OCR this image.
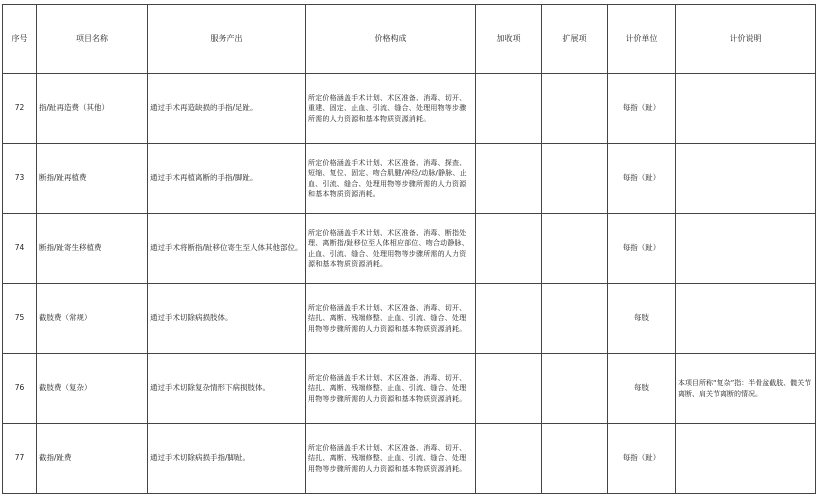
序号	项目名称	服务产出	价格构成	加收项	扩展项	计价单位	计价说明
72	指/趾再造费（其他）	通过手术再造缺损的手指/足趾。	所定价格涵盖手术计划、术区准备、消毒、切开、重建、固定、止血、引流、缝合、处理用物等步骤所需的人力资源和基本物质资源消耗。			每指（趾）	
73	断指/趾再植费	通过手术再植离断的手指/脚趾。	所定价格涵盖手术计划、术区准备、消毒、探查、短缩、复位、固定、吻合肌腱/神经/动脉/静脉、止血、引流、缝合、处理用物等步骤所需的人力资源和基本物质资源消耗。			每指（趾）	
74	断指/趾寄生移植费	通过手术将断指/趾移位寄生至人体其他部位。	所定价格涵盖手术计划、术区准备、消毒、断指处理、离断指/趾移位至人体相应部位、吻合动静脉、止血、引流、缝合、处理用物等步骤所需的人力资源和基本物质资源消耗。			每指（趾）	
75	截肢费（常规）	通过手术切除病损肢体。	所定价格涵盖手术计划、术区准备、消毒、切开、结扎、离断、残端修整、止血、引流、缝合、处理用物等步骤所需的人力资源和基本物质资源消耗。			每肢	
76	截肢费（复杂）	通过手术切除复杂情形下病损肢体。	所定价格涵盖手术计划、术区准备、消毒、切开、结扎、离断、残端修整、止血、引流、缝合、处理用物等步骤所需的人力资源和基本物质资源消耗。			每肢	本项目所称“复杂”指：半骨盆截肢、髋关节离断、肩关节离断的情况。
77	截指/趾费	通过手术切除病损手指/脚趾。	所定价格涵盖手术计划、术区准备、消毒、切开、结扎、离断、残端修整、止血、引流、缝合、处理用物等步骤所需的人力资源和基本物质资源消耗。			每指（趾）	
